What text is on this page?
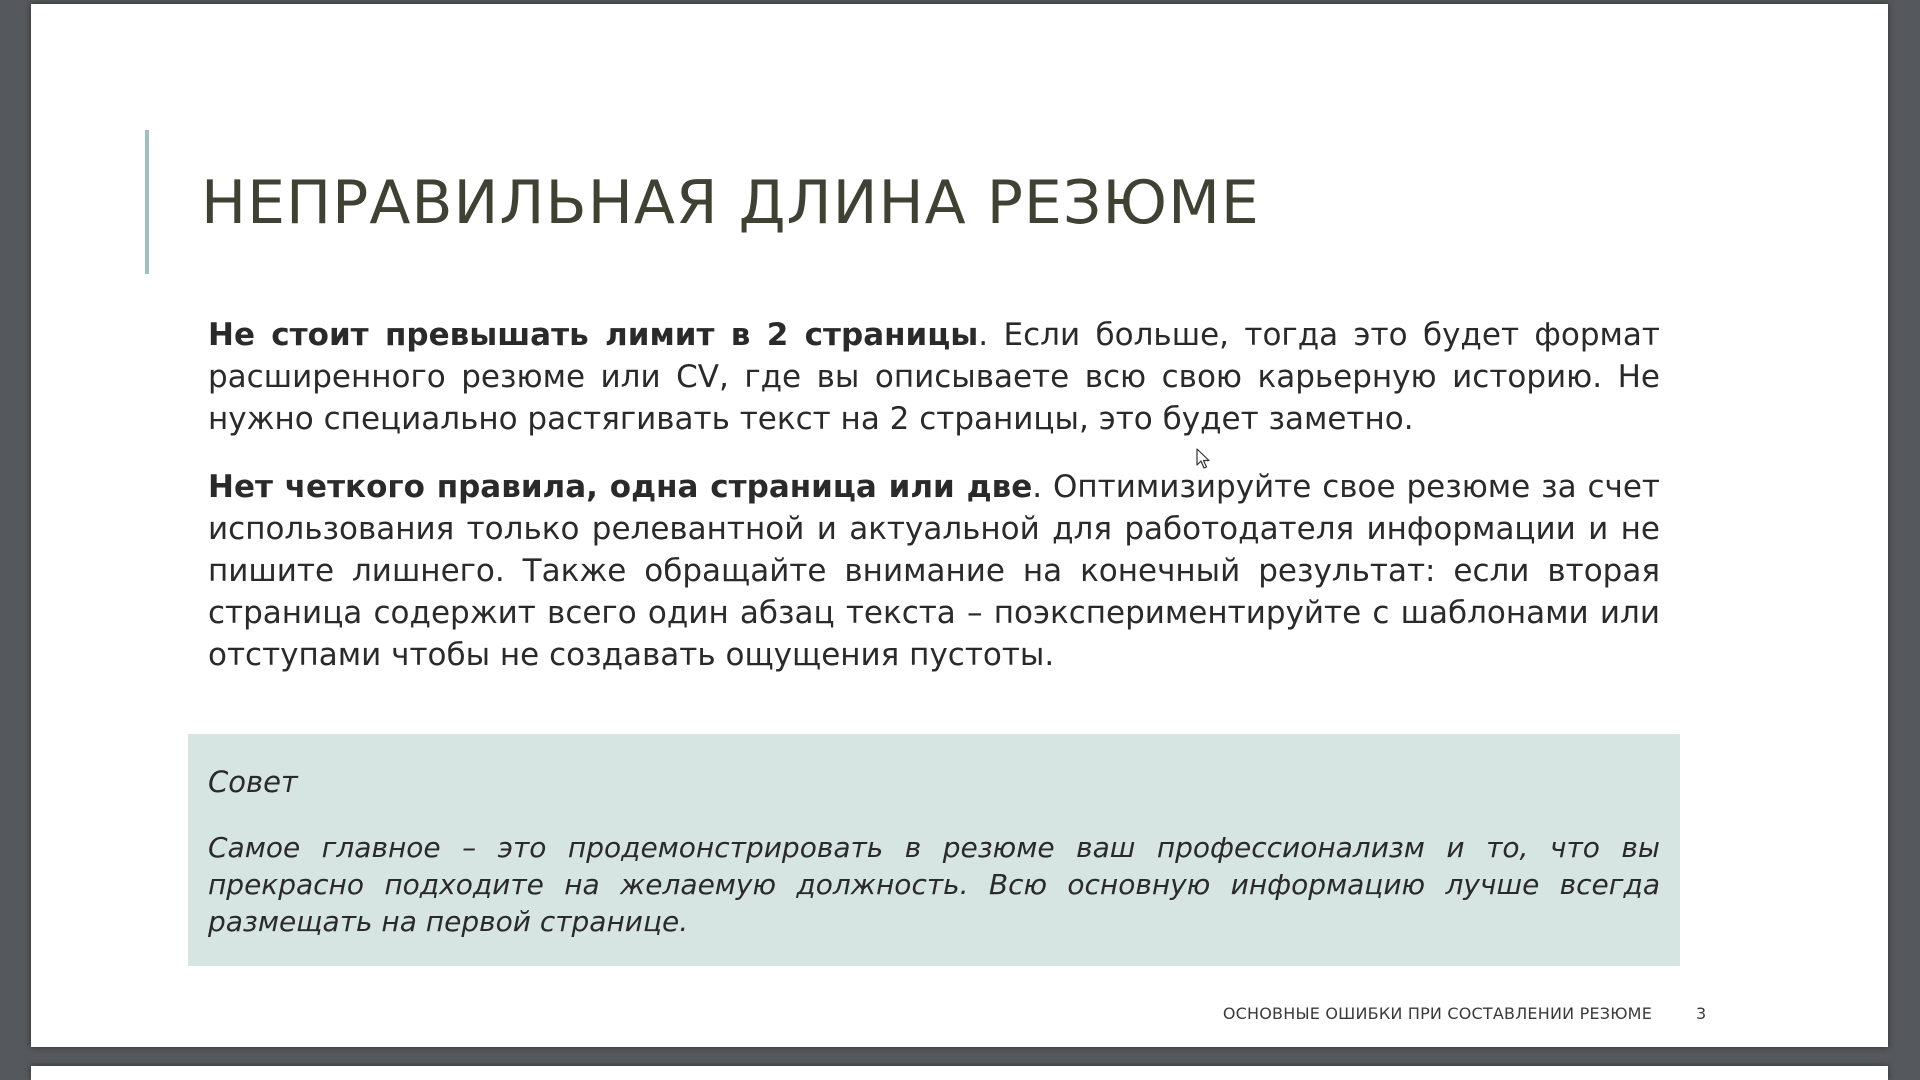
НЕПРАВИЛЬНАЯ ДЛИНА РЕЗЮМЕ

Не стоит превышать лимит в 2 страницы. Если больше, тогда это будет формат расширенного резюме или CV, где вы описываете всю свою карьерную историю. Не нужно специально растягивать текст на 2 страницы, это будет заметно.

Нет четкого правила, одна страница или две. Оптимизируйте свое резюме за счет использования только релевантной и актуальной для работодателя информации и не пишите лишнего. Также обращайте внимание на конечный результат: если вторая страница содержит всего один абзац текста – поэкспериментируйте с шаблонами или отступами чтобы не создавать ощущения пустоты.

Совет
Самое главное – это продемонстрировать в резюме ваш профессионализм и то, что вы прекрасно подходите на желаемую должность. Всю основную информацию лучше всегда размещать на первой странице.
ОСНОВНЫЕ ОШИБКИ ПРИ СОСТАВЛЕНИИ РЕЗЮМЕ	3
